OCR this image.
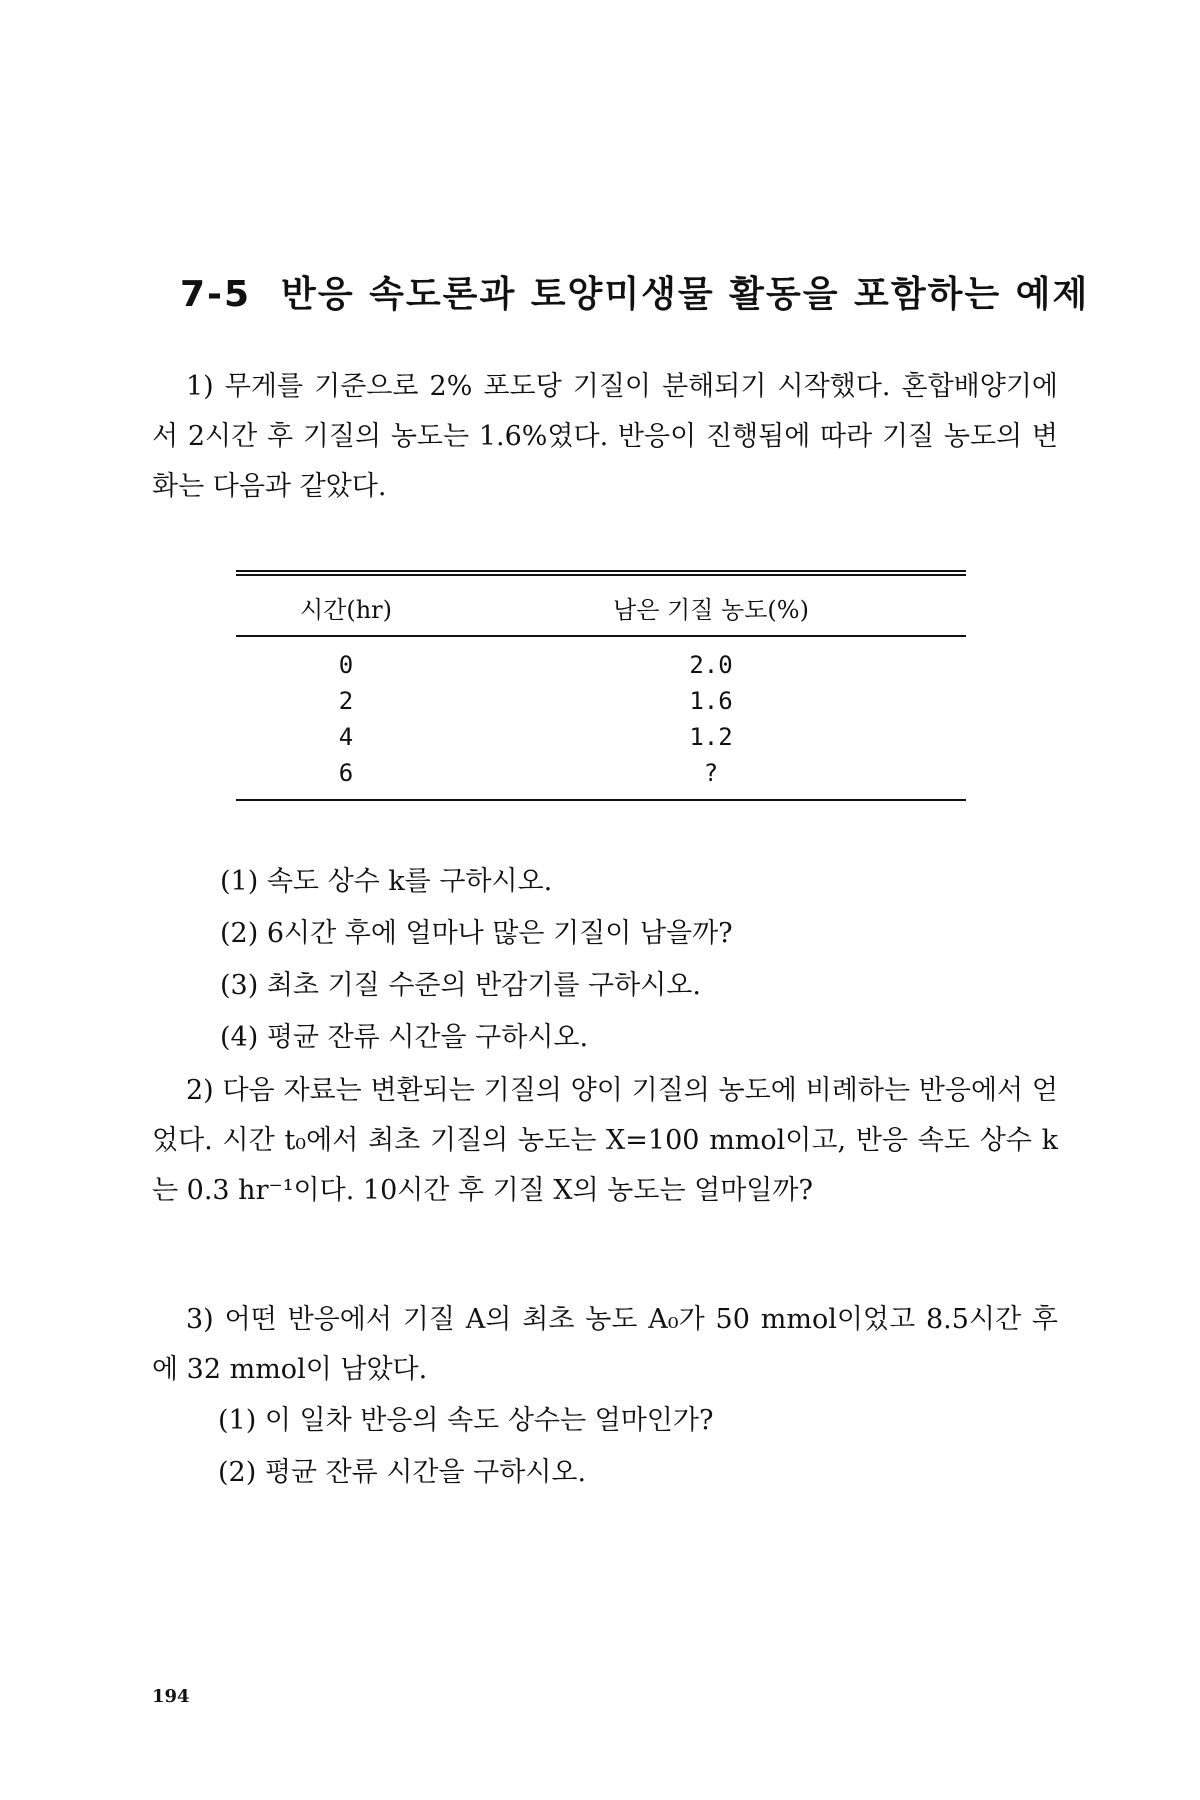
7-5 반응 속도론과 토양미생물 활동을 포함하는 예제
1) 무게를 기준으로 2% 포도당 기질이 분해되기 시작했다. 혼합배양기에서 2시간 후 기질의 농도는 1.6%였다. 반응이 진행됨에 따라 기질 농도의 변화는 다음과 같았다.
시간(hr)	남은 기질 농도(%)
0	2.0
2	1.6
4	1.2
6	?
(1) 속도 상수 k를 구하시오.
(2) 6시간 후에 얼마나 많은 기질이 남을까?
(3) 최초 기질 수준의 반감기를 구하시오.
(4) 평균 잔류 시간을 구하시오.
2) 다음 자료는 변환되는 기질의 양이 기질의 농도에 비례하는 반응에서 얻었다. 시간 t₀에서 최초 기질의 농도는 X=100 mmol이고, 반응 속도 상수 k는 0.3 hr⁻¹이다. 10시간 후 기질 X의 농도는 얼마일까?
3) 어떤 반응에서 기질 A의 최초 농도 A₀가 50 mmol이었고 8.5시간 후에 32 mmol이 남았다.
(1) 이 일차 반응의 속도 상수는 얼마인가?
(2) 평균 잔류 시간을 구하시오.
194
